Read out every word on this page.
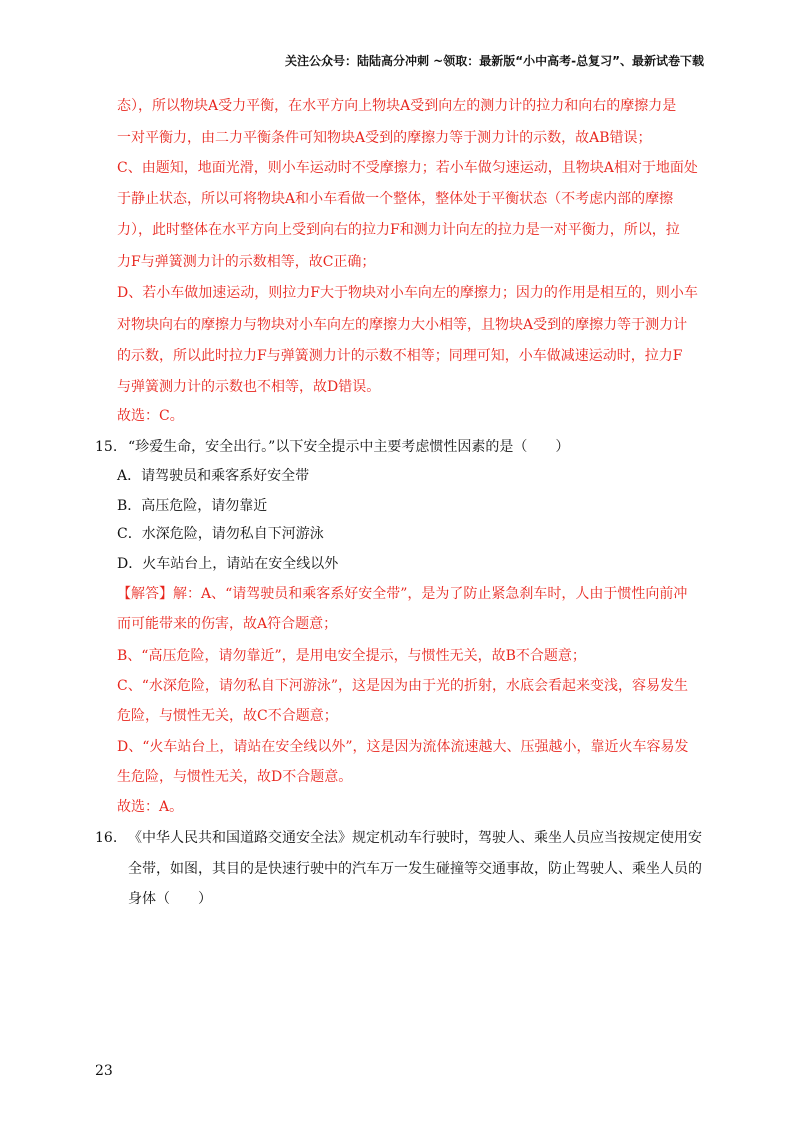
关注公众号：陆陆高分冲刺 ~领取：最新版“小中高考-总复习”、最新试卷下载
态），所以物块A受力平衡，在水平方向上物块A受到向左的测力计的拉力和向右的摩擦力是
一对平衡力，由二力平衡条件可知物块A受到的摩擦力等于测力计的示数，故AB错误；
C、由题知，地面光滑，则小车运动时不受摩擦力；若小车做匀速运动，且物块A相对于地面处
于静止状态，所以可将物块A和小车看做一个整体，整体处于平衡状态（不考虑内部的摩擦
力），此时整体在水平方向上受到向右的拉力F和测力计向左的拉力是一对平衡力，所以，拉
力F与弹簧测力计的示数相等，故C正确；
D、若小车做加速运动，则拉力F大于物块对小车向左的摩擦力；因力的作用是相互的，则小车
对物块向右的摩擦力与物块对小车向左的摩擦力大小相等，且物块A受到的摩擦力等于测力计
的示数，所以此时拉力F与弹簧测力计的示数不相等；同理可知，小车做减速运动时，拉力F
与弹簧测力计的示数也不相等，故D错误。
故选：C。
15. “珍爱生命，安全出行。”以下安全提示中主要考虑惯性因素的是（　　）
A．请驾驶员和乘客系好安全带
B．高压危险，请勿靠近
C．水深危险，请勿私自下河游泳
D．火车站台上，请站在安全线以外
【解答】解：A、“请驾驶员和乘客系好安全带”，是为了防止紧急刹车时，人由于惯性向前冲
而可能带来的伤害，故A符合题意；
B、“高压危险，请勿靠近”，是用电安全提示，与惯性无关，故B不合题意；
C、“水深危险，请勿私自下河游泳”，这是因为由于光的折射，水底会看起来变浅，容易发生
危险，与惯性无关，故C不合题意；
D、“火车站台上，请站在安全线以外”，这是因为流体流速越大、压强越小，靠近火车容易发
生危险，与惯性无关，故D不合题意。
故选：A。
16. 《中华人民共和国道路交通安全法》规定机动车行驶时，驾驶人、乘坐人员应当按规定使用安
全带，如图，其目的是快速行驶中的汽车万一发生碰撞等交通事故，防止驾驶人、乘坐人员的
身体（　　）
23
